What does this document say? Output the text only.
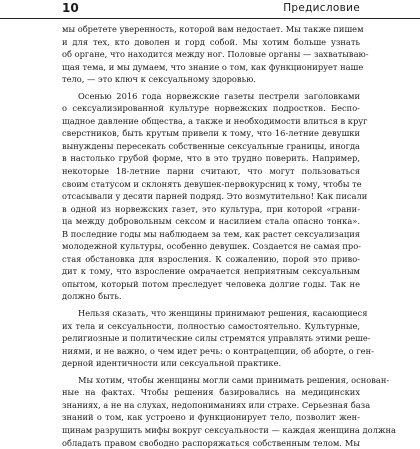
10	Предисловие
мы обретете уверенность, которой вам недостает. Мы также пишем
и для тех, кто доволен и горд собой. Мы хотим больше узнать
об органе, что находится между ног. Половые органы — захватываю-
щая тема, и мы думаем, что знание о том, как функционирует наше
тело, — это ключ к сексуальному здоровью.
Осенью 2016 года норвежские газеты пестрели заголовками
о сексуализированной культуре норвежских подростков. Беспо-
щадное давление общества, а также и необходимости влиться в круг
сверстников, быть крутым привели к тому, что 16-летние девушки
вынуждены пересекать собственные сексуальные границы, иногда
в настолько грубой форме, что в это трудно поверить. Например,
некоторые 18-летние парни считают, что могут пользоваться
своим статусом и склонять девушек-первокурсниц к тому, чтобы те
отсасывали у десяти парней подряд. Это возмутительно! Как писали
в одной из норвежских газет, это культура, при которой «грани-
ца между добровольным сексом и насилием стала опасно тонка».
В последние годы мы наблюдаем за тем, как растет сексуализация
молодежной культуры, особенно девушек. Создается не самая про-
стая обстановка для взросления. К сожалению, порой это приво-
дит к тому, что взросление омрачается неприятным сексуальным
опытом, который потом преследует человека долгие годы. Так не
должно быть.
Нельзя сказать, что женщины принимают решения, касающиеся
их тела и сексуальности, полностью самостоятельно. Культурные,
религиозные и политические силы стремятся управлять этими реше-
ниями, и не важно, о чем идет речь: о контрацепции, об аборте, о ген-
дерной идентичности или сексуальной практике.
Мы хотим, чтобы женщины могли сами принимать решения, основан-
ные на фактах. Чтобы решения базировались на медицинских
знаниях, а не на слухах, недопониманиях или страхе. Серьезная база
знаний о том, как устроено и функционирует тело, позволит жен-
щинам разрушить мифы вокруг сексуальности — каждая женщина должна
обладать правом свободно распоряжаться собственным телом. Мы
